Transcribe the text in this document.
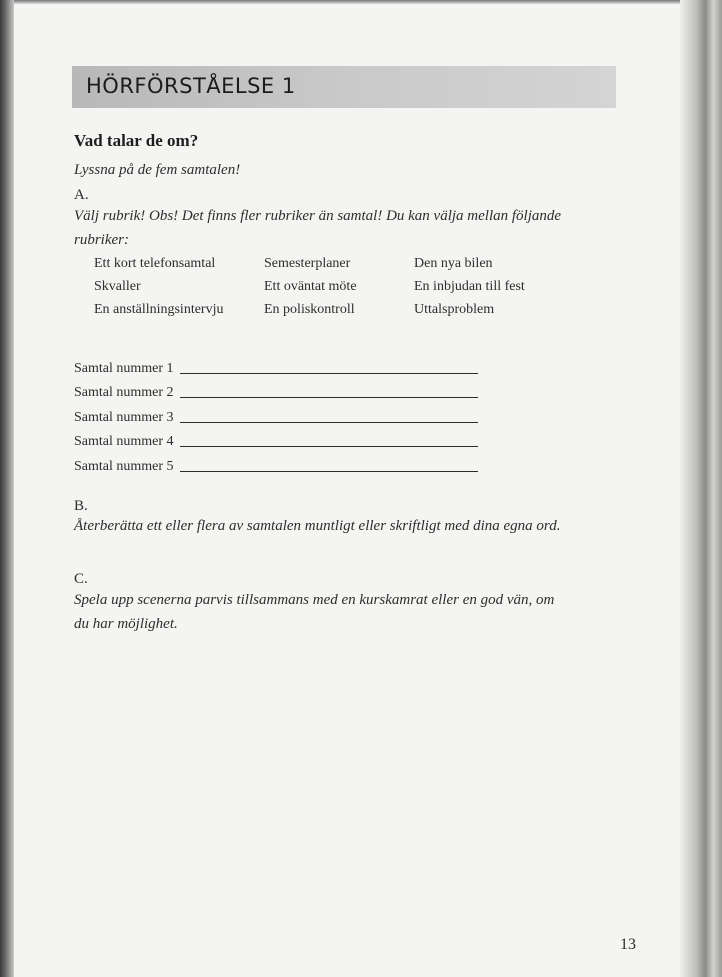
HÖRFÖRSTÅELSE 1
Vad talar de om?
Lyssna på de fem samtalen!
A.
Välj rubrik! Obs! Det finns fler rubriker än samtal! Du kan välja mellan följande
rubriker:
Ett kort telefonsamtal	Semesterplaner	Den nya bilen
Skvaller	Ett oväntat möte	En inbjudan till fest
En anställningsintervju	En poliskontroll	Uttalsproblem
Samtal nummer 1
Samtal nummer 2
Samtal nummer 3
Samtal nummer 4
Samtal nummer 5
B.
Återberätta ett eller flera av samtalen muntligt eller skriftligt med dina egna ord.
C.
Spela upp scenerna parvis tillsammans med en kurskamrat eller en god vän, om
du har möjlighet.
13
